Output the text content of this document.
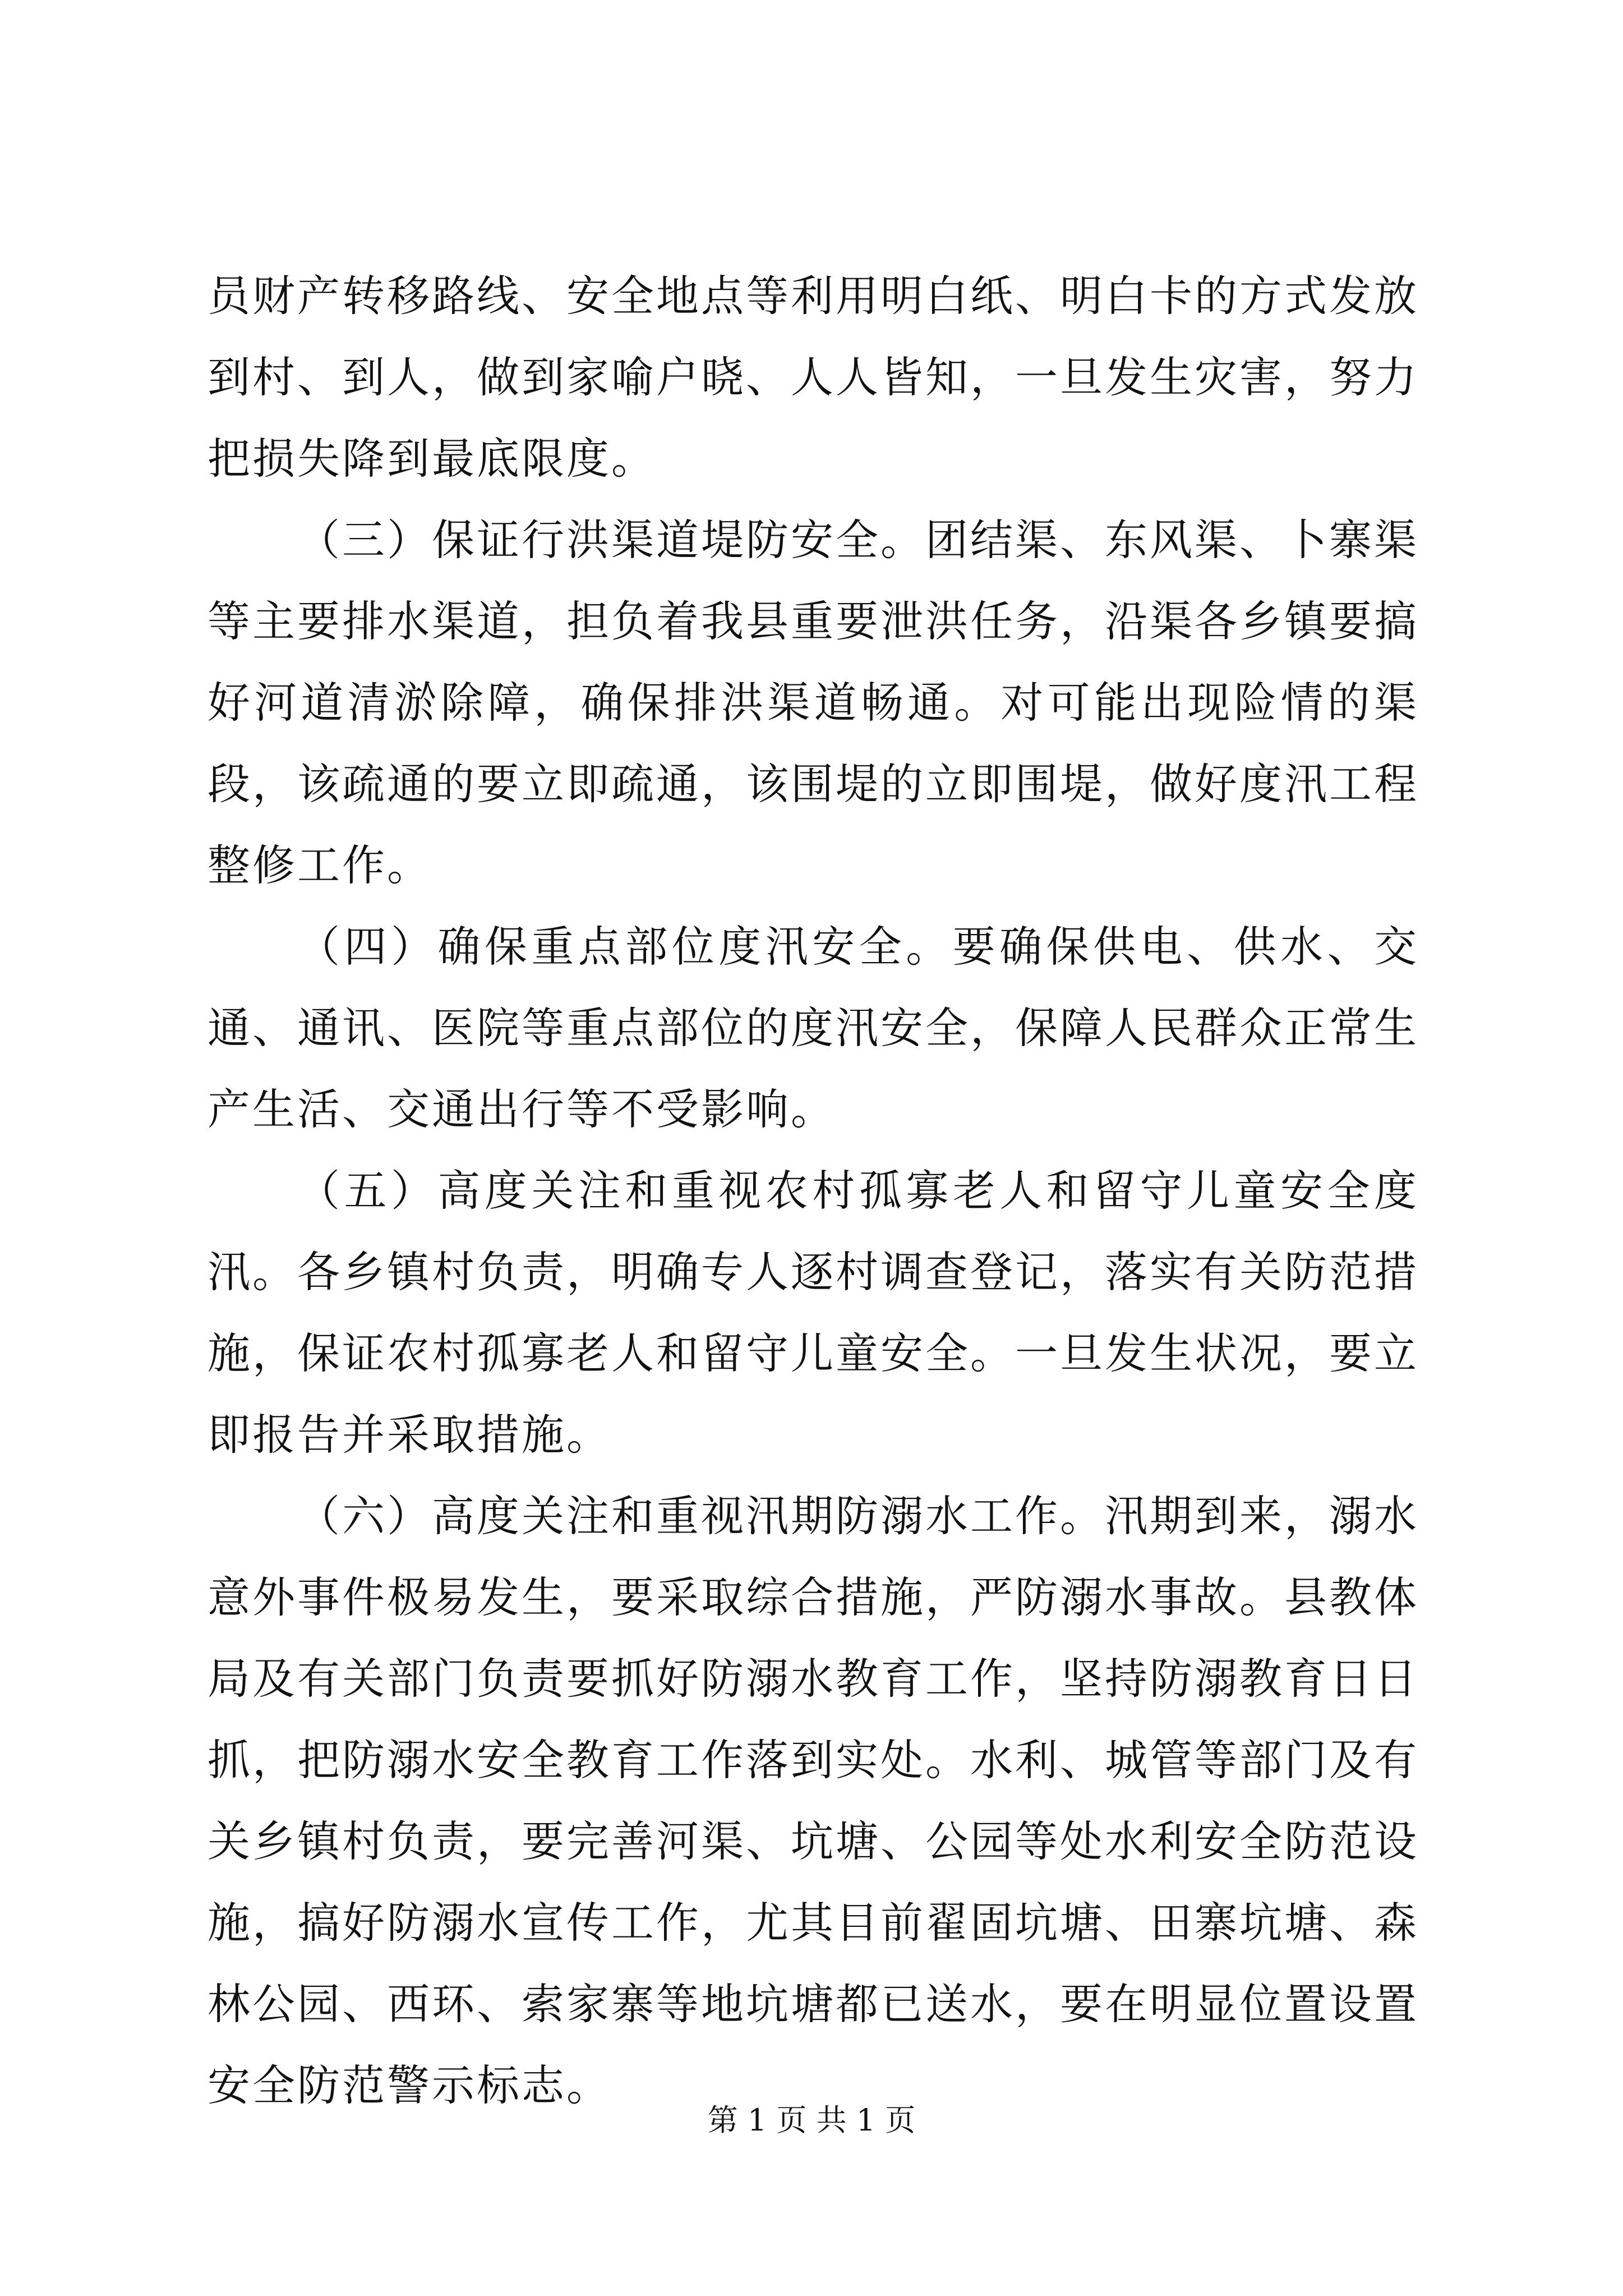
员财产转移路线、安全地点等利用明白纸、明白卡的方式发放到村、到人，做到家喻户晓、人人皆知，一旦发生灾害，努力把损失降到最底限度。

（三）保证行洪渠道堤防安全。团结渠、东风渠、卜寨渠等主要排水渠道，担负着我县重要泄洪任务，沿渠各乡镇要搞好河道清淤除障，确保排洪渠道畅通。对可能出现险情的渠段，该疏通的要立即疏通，该围堤的立即围堤，做好度汛工程整修工作。

（四）确保重点部位度汛安全。要确保供电、供水、交通、通讯、医院等重点部位的度汛安全，保障人民群众正常生产生活、交通出行等不受影响。

（五）高度关注和重视农村孤寡老人和留守儿童安全度汛。各乡镇村负责，明确专人逐村调查登记，落实有关防范措施，保证农村孤寡老人和留守儿童安全。一旦发生状况，要立即报告并采取措施。

（六）高度关注和重视汛期防溺水工作。汛期到来，溺水意外事件极易发生，要采取综合措施，严防溺水事故。县教体局及有关部门负责要抓好防溺水教育工作，坚持防溺教育日日抓，把防溺水安全教育工作落到实处。水利、城管等部门及有关乡镇村负责，要完善河渠、坑塘、公园等处水利安全防范设施，搞好防溺水宣传工作，尤其目前翟固坑塘、田寨坑塘、森林公园、西环、索家寨等地坑塘都已送水，要在明显位置设置安全防范警示标志。

第 1 页 共 1 页
